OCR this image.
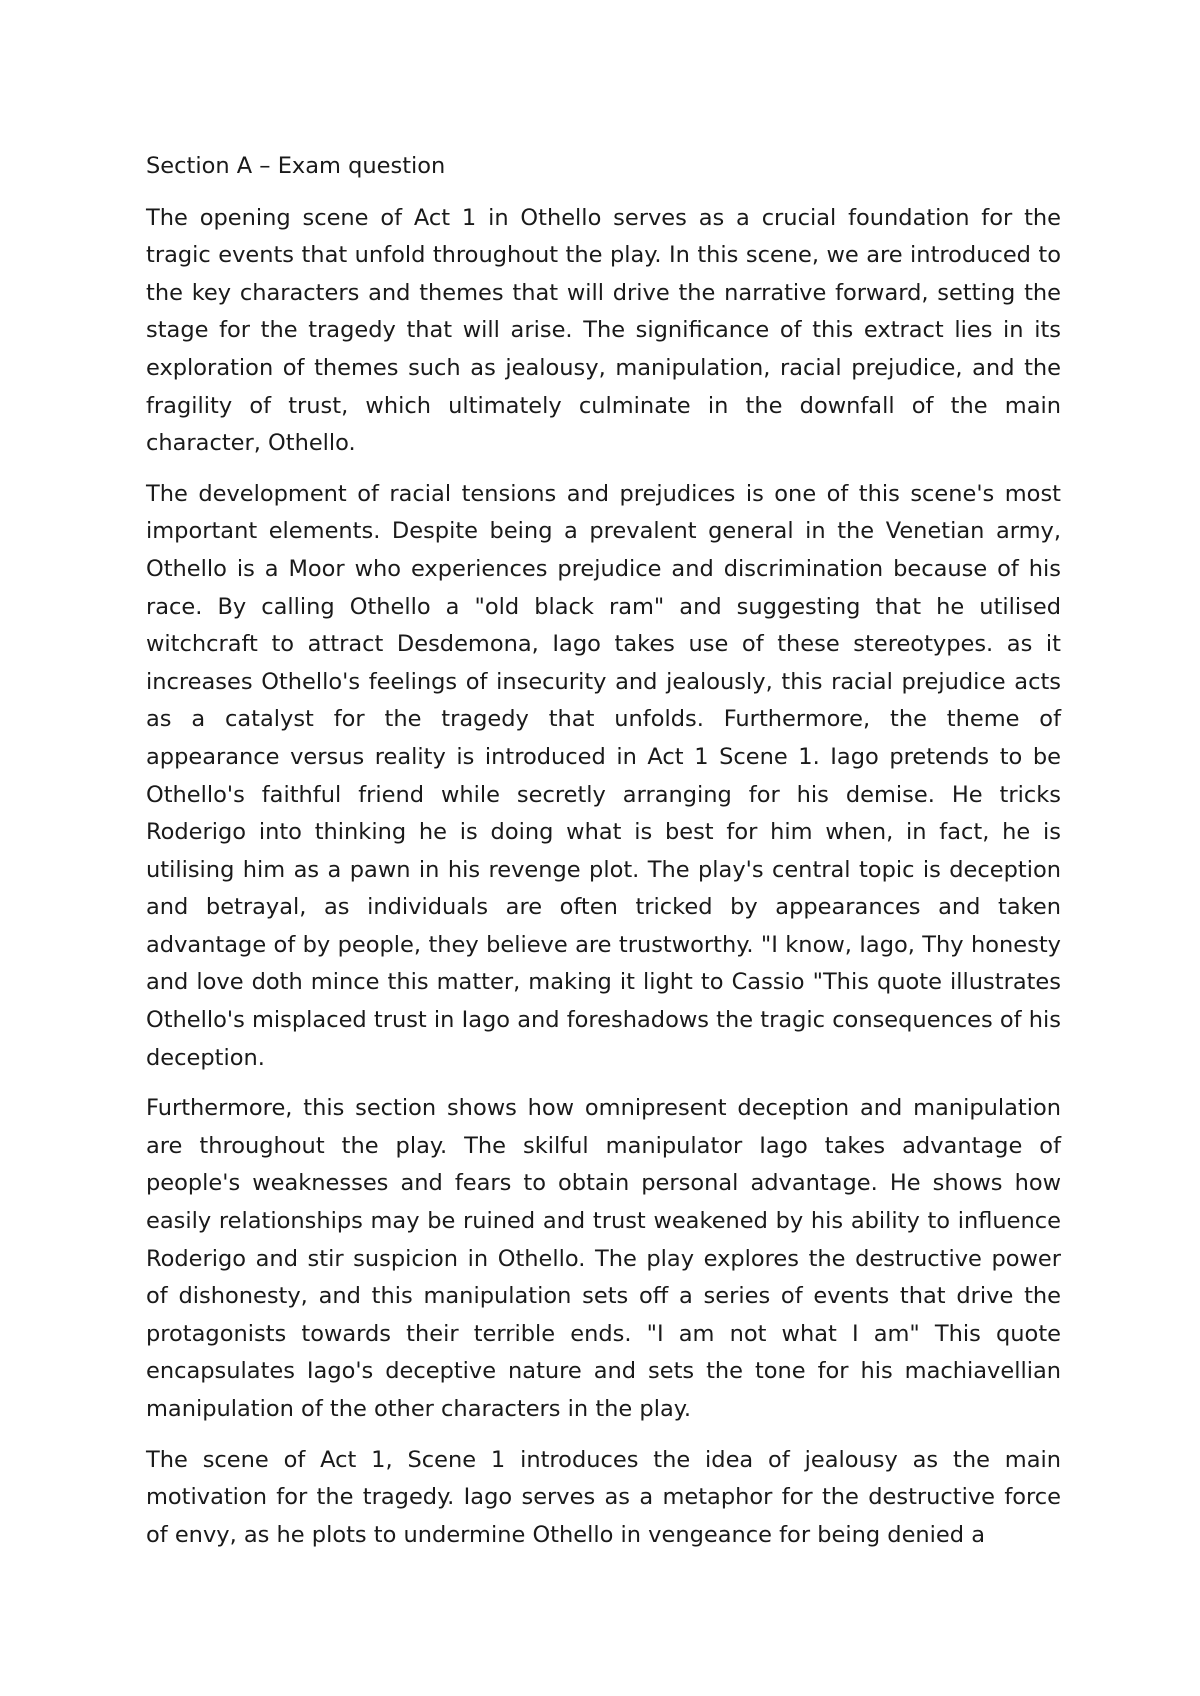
Section A – Exam question

The opening scene of Act 1 in Othello serves as a crucial foundation for the tragic events that unfold throughout the play. In this scene, we are introduced to the key characters and themes that will drive the narrative forward, setting the stage for the tragedy that will arise. The significance of this extract lies in its exploration of themes such as jealousy, manipulation, racial prejudice, and the fragility of trust, which ultimately culminate in the downfall of the main character, Othello.

The development of racial tensions and prejudices is one of this scene's most important elements. Despite being a prevalent general in the Venetian army, Othello is a Moor who experiences prejudice and discrimination because of his race. By calling Othello a "old black ram" and suggesting that he utilised witchcraft to attract Desdemona, Iago takes use of these stereotypes. as it increases Othello's feelings of insecurity and jealously, this racial prejudice acts as a catalyst for the tragedy that unfolds. Furthermore, the theme of appearance versus reality is introduced in Act 1 Scene 1. Iago pretends to be Othello's faithful friend while secretly arranging for his demise. He tricks Roderigo into thinking he is doing what is best for him when, in fact, he is utilising him as a pawn in his revenge plot. The play's central topic is deception and betrayal, as individuals are often tricked by appearances and taken advantage of by people, they believe are trustworthy. "I know, Iago, Thy honesty and love doth mince this matter, making it light to Cassio "This quote illustrates Othello's misplaced trust in Iago and foreshadows the tragic consequences of his deception.

Furthermore, this section shows how omnipresent deception and manipulation are throughout the play. The skilful manipulator Iago takes advantage of people's weaknesses and fears to obtain personal advantage. He shows how easily relationships may be ruined and trust weakened by his ability to influence Roderigo and stir suspicion in Othello. The play explores the destructive power of dishonesty, and this manipulation sets off a series of events that drive the protagonists towards their terrible ends. "I am not what I am" This quote encapsulates Iago's deceptive nature and sets the tone for his machiavellian manipulation of the other characters in the play.

The scene of Act 1, Scene 1 introduces the idea of jealousy as the main motivation for the tragedy. Iago serves as a metaphor for the destructive force of envy, as he plots to undermine Othello in vengeance for being denied a
